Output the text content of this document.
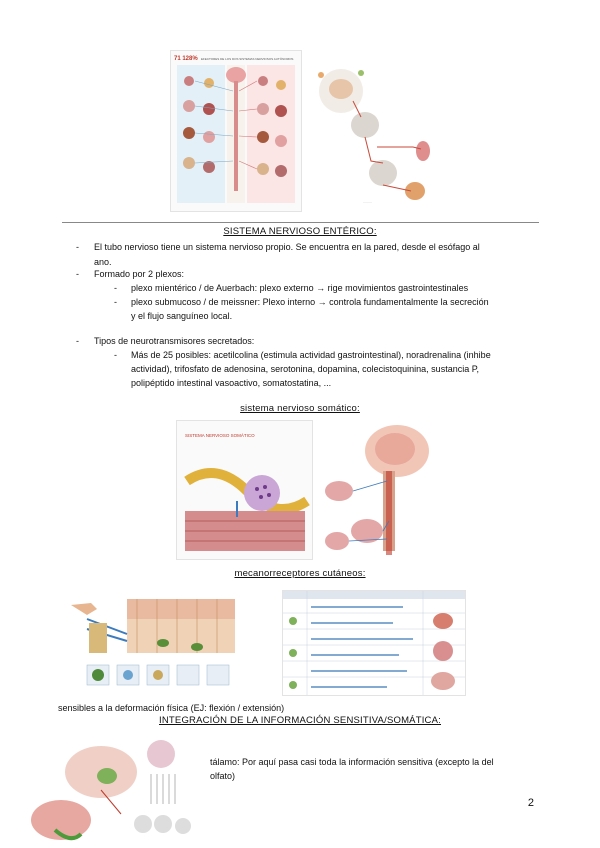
71 128% EFECTORES DE LOS DOS SISTEMAS NERVIOSOS AUTÓNOMOS
·········
SISTEMA NERVIOSO ENTÉRICO:
- El tubo nervioso tiene un sistema nervioso propio. Se encuentra en la pared, desde el esófago al
ano.
- Formado por 2 plexos:
- plexo mientérico / de Auerbach: plexo externo → rige movimientos gastrointestinales
- plexo submucoso / de meissner: Plexo interno → controla fundamentalmente la secreción
y el flujo sanguíneo local.
- Tipos de neurotransmisores secretados:
- Más de 25 posibles: acetilcolina (estimula actividad gastrointestinal), noradrenalina (inhibe
actividad), trifosfato de adenosina, serotonina, dopamina, colecistoquinina, sustancia P,
polipéptido intestinal vasoactivo, somatostatina, ...
sistema nervioso somático:
SISTEMA NERVIOSO SOMÁTICO
mecanorreceptores cutáneos:
sensibles a la deformación física (EJ: flexión / extensión)
INTEGRACIÓN DE LA INFORMACIÓN SENSITIVA/SOMÁTICA:
tálamo: Por aquí pasa casi toda la información sensitiva (excepto la del
olfato)
2
